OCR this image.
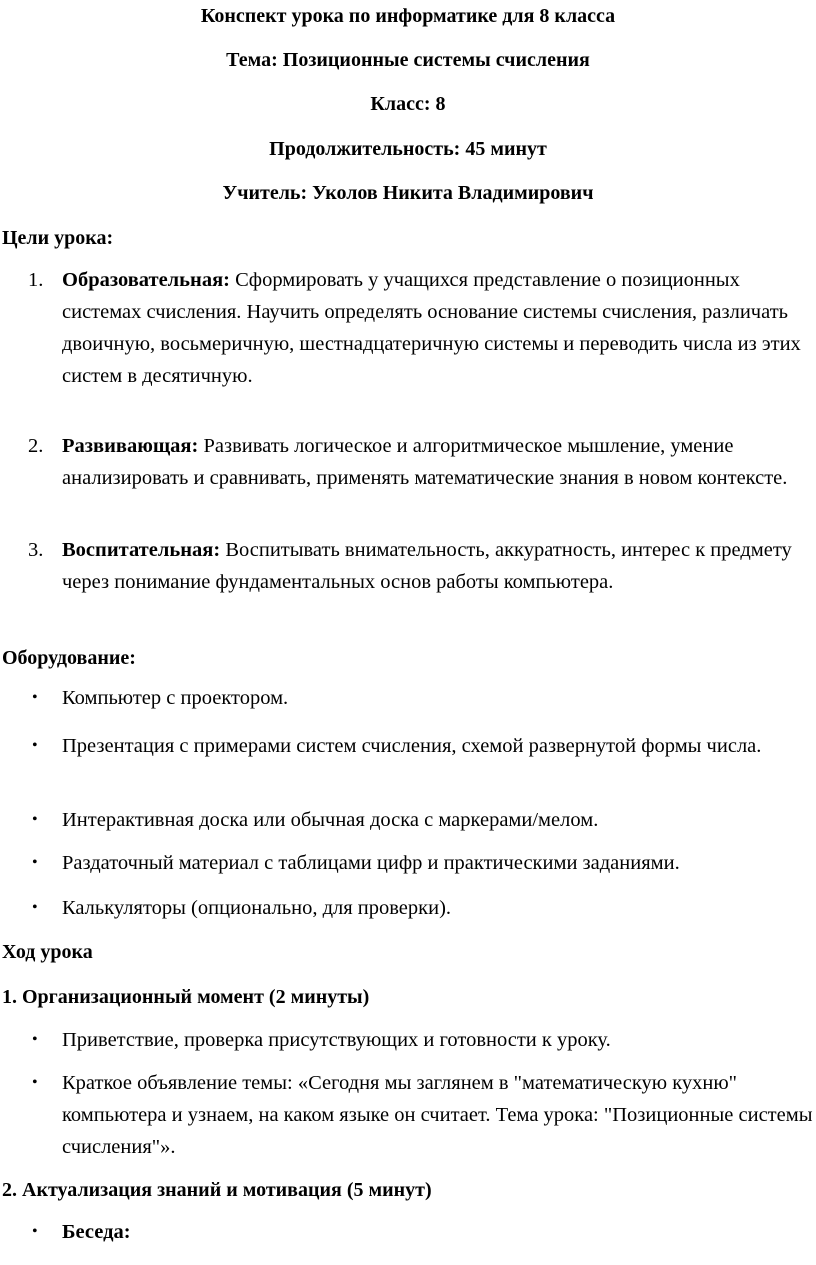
Конспект урока по информатике для 8 класса
Тема: Позиционные системы счисления
Класс: 8
Продолжительность: 45 минут
Учитель: Уколов Никита Владимирович
Цели урока:
1. Образовательная: Сформировать у учащихся представление о позиционных системах счисления. Научить определять основание системы счисления, различать двоичную, восьмеричную, шестнадцатеричную системы и переводить числа из этих систем в десятичную.
2. Развивающая: Развивать логическое и алгоритмическое мышление, умение анализировать и сравнивать, применять математические знания в новом контексте.
3. Воспитательная: Воспитывать внимательность, аккуратность, интерес к предмету через понимание фундаментальных основ работы компьютера.
Оборудование:
• Компьютер с проектором.
• Презентация с примерами систем счисления, схемой развернутой формы числа.
• Интерактивная доска или обычная доска с маркерами/мелом.
• Раздаточный материал с таблицами цифр и практическими заданиями.
• Калькуляторы (опционально, для проверки).
Ход урока
1. Организационный момент (2 минуты)
• Приветствие, проверка присутствующих и готовности к уроку.
• Краткое объявление темы: «Сегодня мы заглянем в "математическую кухню" компьютера и узнаем, на каком языке он считает. Тема урока: "Позиционные системы счисления"».
2. Актуализация знаний и мотивация (5 минут)
• Беседа:
